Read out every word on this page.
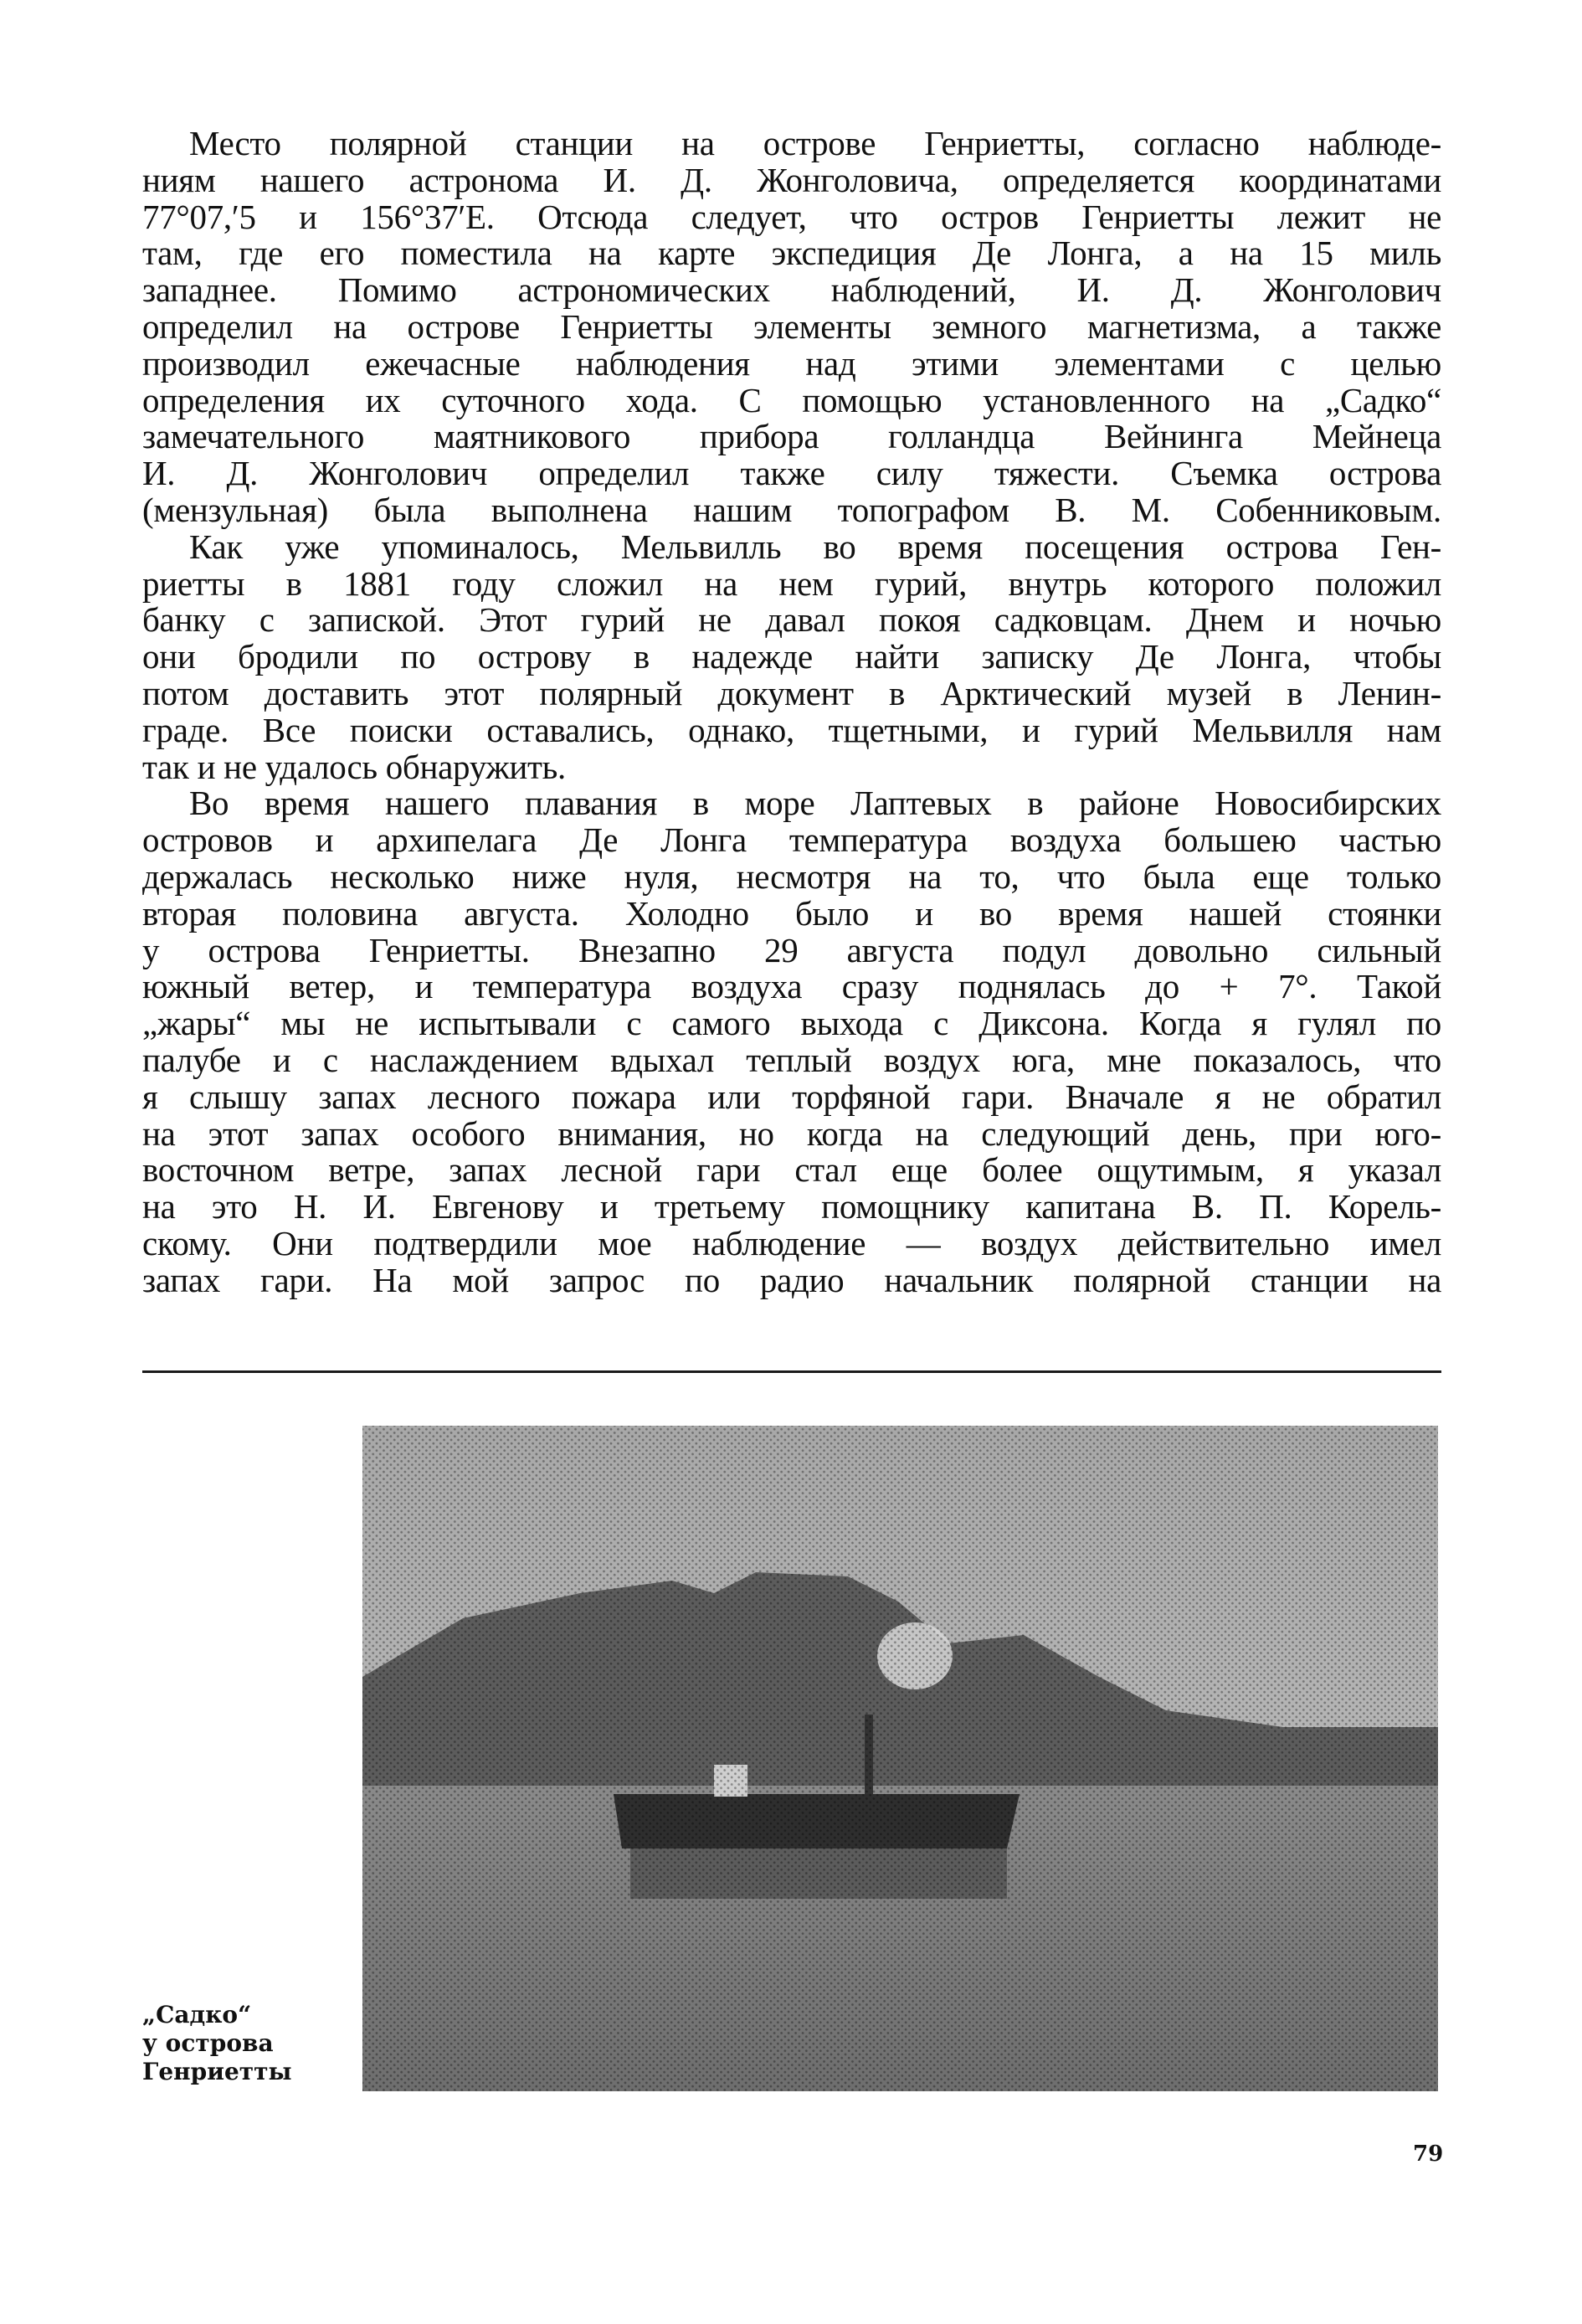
Место полярной станции на острове Генриетты, согласно наблюде-
ниям нашего астронома И. Д. Жонголовича, определяется координатами
77°07,′5 и 156°37′E. Отсюда следует, что остров Генриетты лежит не
там, где его поместила на карте экспедиция Де Лонга, а на 15 миль
западнее. Помимо астрономических наблюдений, И. Д. Жонголович
определил на острове Генриетты элементы земного магнетизма, а также
производил ежечасные наблюдения над этими элементами с целью
определения их суточного хода. С помощью установленного на „Садко“
замечательного маятникового прибора голландца Вейнинга Мейнеца
И. Д. Жонголович определил также силу тяжести. Съемка острова
(мензульная) была выполнена нашим топографом В. М. Собенниковым.
Как уже упоминалось, Мельвилль во время посещения острова Ген-
риетты в 1881 году сложил на нем гурий, внутрь которого положил
банку с запиской. Этот гурий не давал покоя садковцам. Днем и ночью
они бродили по острову в надежде найти записку Де Лонга, чтобы
потом доставить этот полярный документ в Арктический музей в Ленин-
граде. Все поиски оставались, однако, тщетными, и гурий Мельвилля нам
так и не удалось обнаружить.
Во время нашего плавания в море Лаптевых в районе Новосибирских
островов и архипелага Де Лонга температура воздуха большею частью
держалась несколько ниже нуля, несмотря на то, что была еще только
вторая половина августа. Холодно было и во время нашей стоянки
у острова Генриетты. Внезапно 29 августа подул довольно сильный
южный ветер, и температура воздуха сразу поднялась до + 7°. Такой
„жары“ мы не испытывали с самого выхода с Диксона. Когда я гулял по
палубе и с наслаждением вдыхал теплый воздух юга, мне показалось, что
я слышу запах лесного пожара или торфяной гари. Вначале я не обратил
на этот запах особого внимания, но когда на следующий день, при юго-
восточном ветре, запах лесной гари стал еще более ощутимым, я указал
на это Н. И. Евгенову и третьему помощнику капитана В. П. Корель-
скому. Они подтвердили мое наблюдение — воздух действительно имел
запах гари. На мой запрос по радио начальник полярной станции на
„Садко“
у острова
Генриетты
79
